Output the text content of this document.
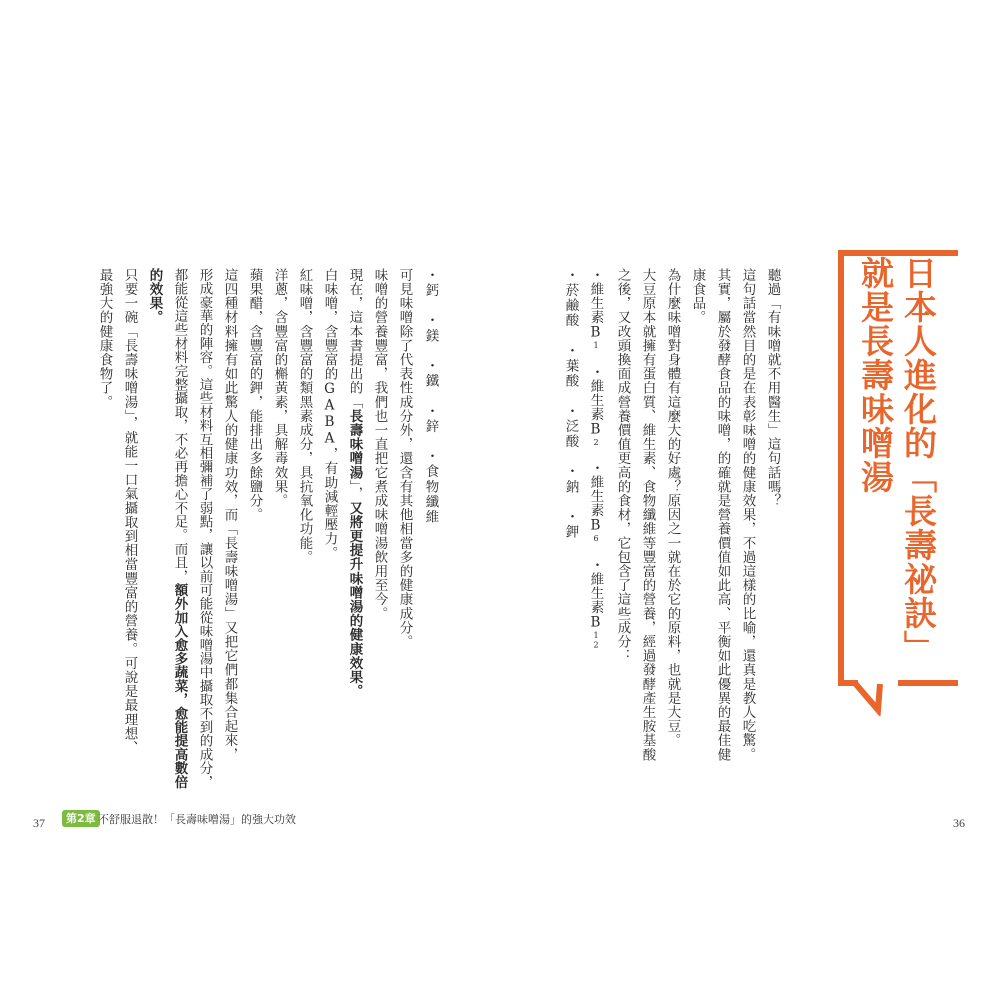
日本人進化的「長壽祕訣」
就是長壽味噌湯
聽過「有味噌就不用醫生」這句話嗎？
這句話當然目的是在表彰味噌的健康效果，不過這樣的比喻，還真是教人吃驚。
其實，屬於發酵食品的味噌，的確就是營養價值如此高、平衡如此優異的最佳健
康食品。
為什麼味噌對身體有這麼大的好處？原因之一就在於它的原料，也就是大豆。
大豆原本就擁有蛋白質、維生素、食物纖維等豐富的營養，經過發酵產生胺基酸
之後，又改頭換面成營養價值更高的食材，它包含了這些成分：
・維生素B1　・維生素B2　・維生素B6　・維生素B12
・菸鹼酸　・葉酸　・泛酸　・鈉　・鉀
・鈣　・鎂　・鐵　・鋅　・食物纖維
可見味噌除了代表性成分外，還含有其他相當多的健康成分。
味噌的營養豐富，我們也一直把它煮成味噌湯飲用至今。
現在，這本書提出的「長壽味噌湯」，又將更提升味噌湯的健康效果。
白味噌，含豐富的GABA，有助減輕壓力。
紅味噌，含豐富的類黑素成分，具抗氧化功能。
洋蔥，含豐富的槲黃素，具解毒效果。
蘋果醋，含豐富的鉀，能排出多餘鹽分。
這四種材料擁有如此驚人的健康功效，而「長壽味噌湯」又把它們都集合起來，
形成豪華的陣容。這些材料互相彌補了弱點，讓以前可能從味噌湯中攝取不到的成分，
都能從這些材料完整攝取，不必再擔心不足。而且，額外加入愈多蔬菜，愈能提高數倍
的效果。
只要一碗「長壽味噌湯」，就能一口氣攝取到相當豐富的營養。可說是最理想、
最強大的健康食物了。
37	第2章 不舒服退散！「長壽味噌湯」的強大功效	36
